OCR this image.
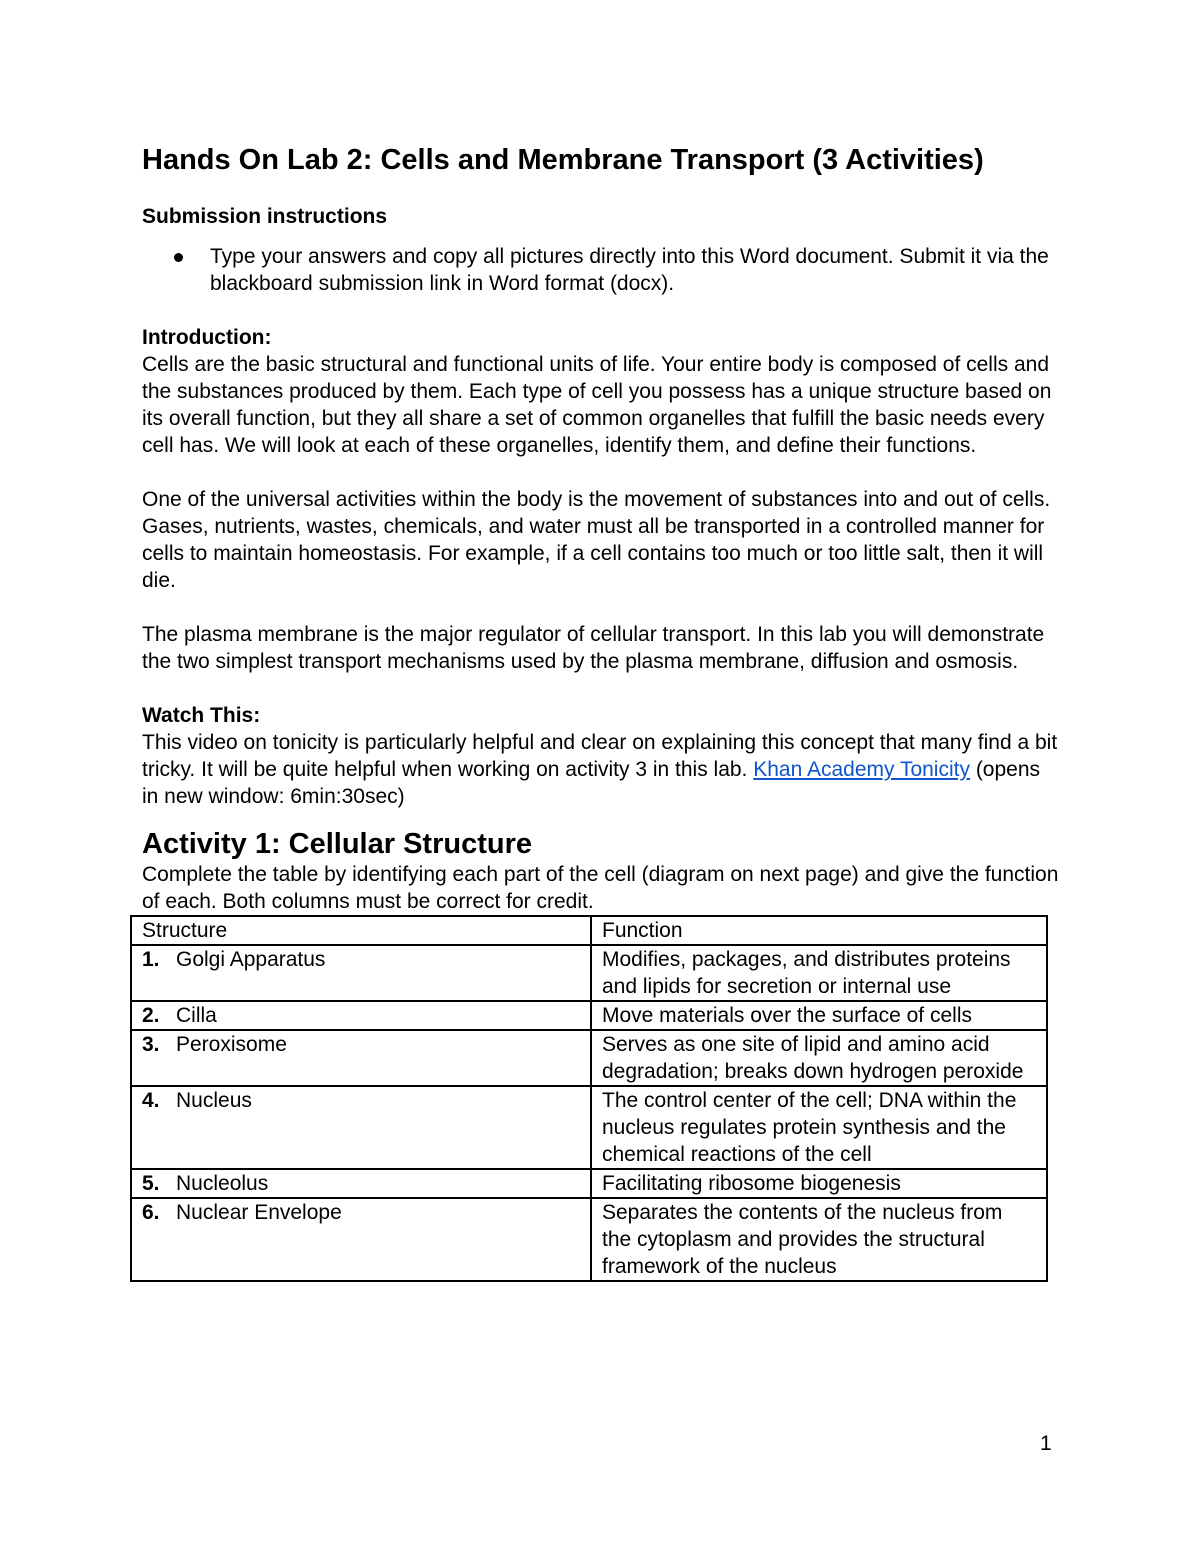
Hands On Lab 2: Cells and Membrane Transport (3 Activities)
Submission instructions
Type your answers and copy all pictures directly into this Word document. Submit it via the blackboard submission link in Word format (docx).
Introduction:

Cells are the basic structural and functional units of life. Your entire body is composed of cells and the substances produced by them. Each type of cell you possess has a unique structure based on its overall function, but they all share a set of common organelles that fulfill the basic needs every cell has. We will look at each of these organelles, identify them, and define their functions.

One of the universal activities within the body is the movement of substances into and out of cells. Gases, nutrients, wastes, chemicals, and water must all be transported in a controlled manner for cells to maintain homeostasis. For example, if a cell contains too much or too little salt, then it will die.

The plasma membrane is the major regulator of cellular transport. In this lab you will demonstrate the two simplest transport mechanisms used by the plasma membrane, diffusion and osmosis.

Watch This:

This video on tonicity is particularly helpful and clear on explaining this concept that many find a bit tricky. It will be quite helpful when working on activity 3 in this lab. Khan Academy Tonicity (opens in new window: 6min:30sec)

Activity 1: Cellular Structure

Complete the table by identifying each part of the cell (diagram on next page) and give the function of each. Both columns must be correct for credit.

Structure	Function
1. Golgi Apparatus	Modifies, packages, and distributes proteins and lipids for secretion or internal use
2. Cilla	Move materials over the surface of cells
3. Peroxisome	Serves as one site of lipid and amino acid degradation; breaks down hydrogen peroxide
4. Nucleus	The control center of the cell; DNA within the nucleus regulates protein synthesis and the chemical reactions of the cell
5. Nucleolus	Facilitating ribosome biogenesis
6. Nuclear Envelope	Separates the contents of the nucleus from the cytoplasm and provides the structural framework of the nucleus
1
